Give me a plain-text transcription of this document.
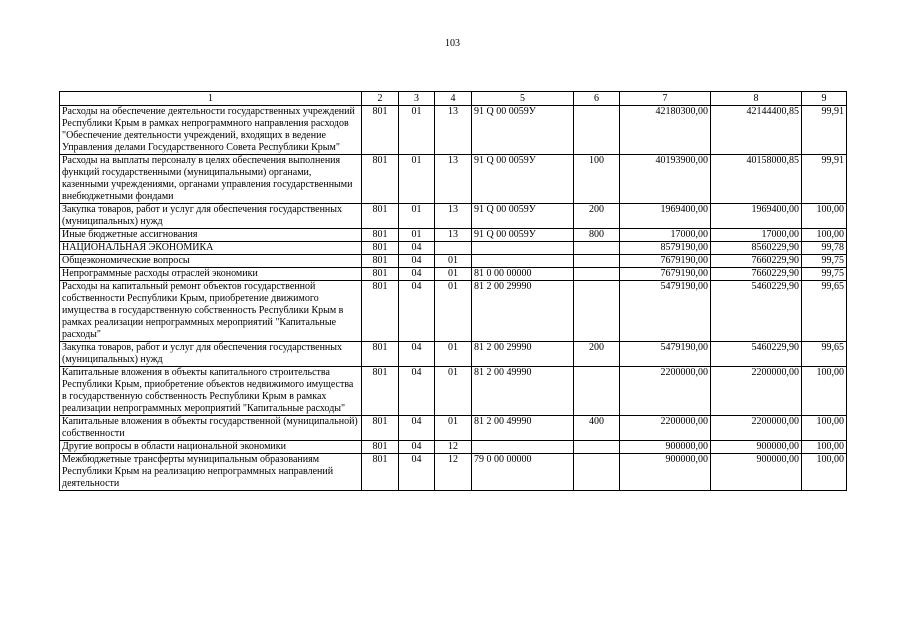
103
1	2	3	4	5	6	7	8	9
Расходы на обеспечение деятельности государственных учреждений Республики Крым в рамках непрограммного направления расходов "Обеспечение деятельности учреждений, входящих в ведение Управления делами Государственного Совета Республики Крым"	801	01	13	91 Q 00 0059У		42180300,00	42144400,85	99,91
Расходы на выплаты персоналу в целях обеспечения выполнения функций государственными (муниципальными) органами, казенными учреждениями, органами управления государственными внебюджетными фондами	801	01	13	91 Q 00 0059У	100	40193900,00	40158000,85	99,91
Закупка товаров, работ и услуг для обеспечения государственных (муниципальных) нужд	801	01	13	91 Q 00 0059У	200	1969400,00	1969400,00	100,00
Иные бюджетные ассигнования	801	01	13	91 Q 00 0059У	800	17000,00	17000,00	100,00
НАЦИОНАЛЬНАЯ ЭКОНОМИКА	801	04				8579190,00	8560229,90	99,78
Общеэкономические вопросы	801	04	01			7679190,00	7660229,90	99,75
Непрограммные расходы отраслей экономики	801	04	01	81 0 00 00000		7679190,00	7660229,90	99,75
Расходы на капитальный ремонт объектов государственной собственности Республики Крым, приобретение движимого имущества в государственную собственность Республики Крым в рамках реализации непрограммных мероприятий "Капитальные расходы"	801	04	01	81 2 00 29990		5479190,00	5460229,90	99,65
Закупка товаров, работ и услуг для обеспечения государственных (муниципальных) нужд	801	04	01	81 2 00 29990	200	5479190,00	5460229,90	99,65
Капитальные вложения в объекты капитального строительства Республики Крым, приобретение объектов недвижимого имущества в государственную собственность Республики Крым в рамках реализации непрограммных мероприятий "Капитальные расходы"	801	04	01	81 2 00 49990		2200000,00	2200000,00	100,00
Капитальные вложения в объекты государственной (муниципальной) собственности	801	04	01	81 2 00 49990	400	2200000,00	2200000,00	100,00
Другие вопросы в области национальной экономики	801	04	12			900000,00	900000,00	100,00
Межбюджетные трансферты муниципальным образованиям Республики Крым на реализацию непрограммных направлений деятельности	801	04	12	79 0 00 00000		900000,00	900000,00	100,00
